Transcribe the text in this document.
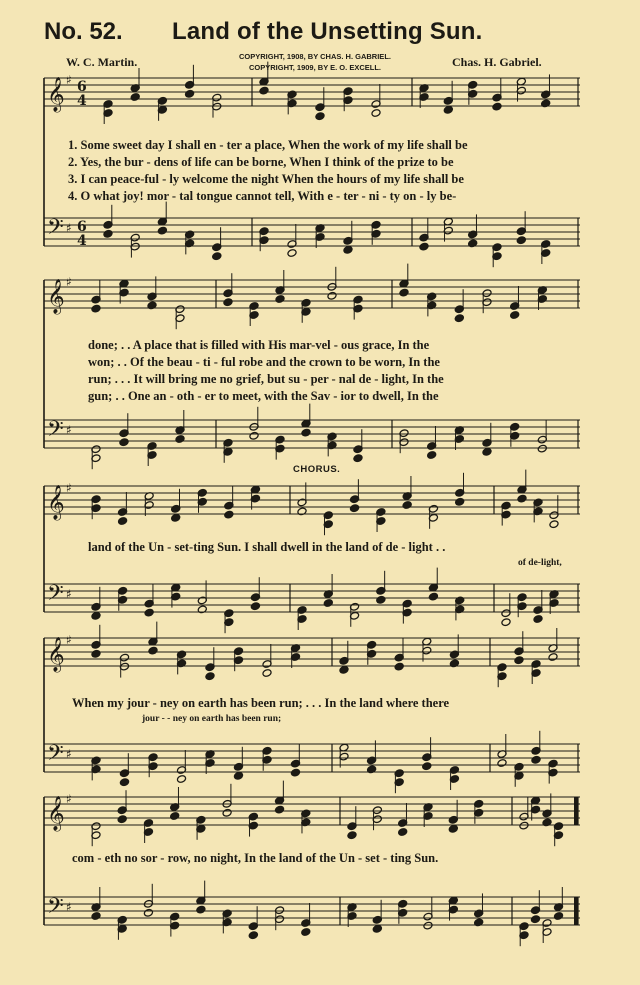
𝄞
𝄢
♯
♯
6
4
6
4
𝄞
𝄢
♯
♯
𝄞
𝄢
♯
♯
𝄞
𝄢
♯
♯
𝄞
𝄢
♯
♯
No. 52. Land of the Unsetting Sun.
W. C. Martin.	COPYRIGHT, 1908, BY CHAS. H. GABRIEL.
COPYRIGHT, 1909, BY E. O. EXCELL.	Chas. H. Gabriel.
1. Some sweet day I shall en - ter a place, When the work of my life shall be
2. Yes, the bur - dens of life can be borne, When I think of the prize to be
3. I can peace-ful - ly welcome the night When the hours of my life shall be
4. O what joy! mor - tal tongue cannot tell, With e - ter - ni - ty on - ly be-
done; . . A place that is filled with His mar-vel - ous grace, In the
won; . . Of the beau - ti - ful robe and the crown to be worn, In the
run; . . . It will bring me no grief, but su - per - nal de - light, In the
gun; . . One an - oth - er to meet, with the Sav - ior to dwell, In the
CHORUS.
land of the Un - set-ting Sun. I shall dwell in the land of de - light . .
of de-light,
When my jour - ney on earth has been run; . . . In the land where there
jour - - ney on earth has been run;
com - eth no sor - row, no night, In the land of the Un - set - ting Sun.
